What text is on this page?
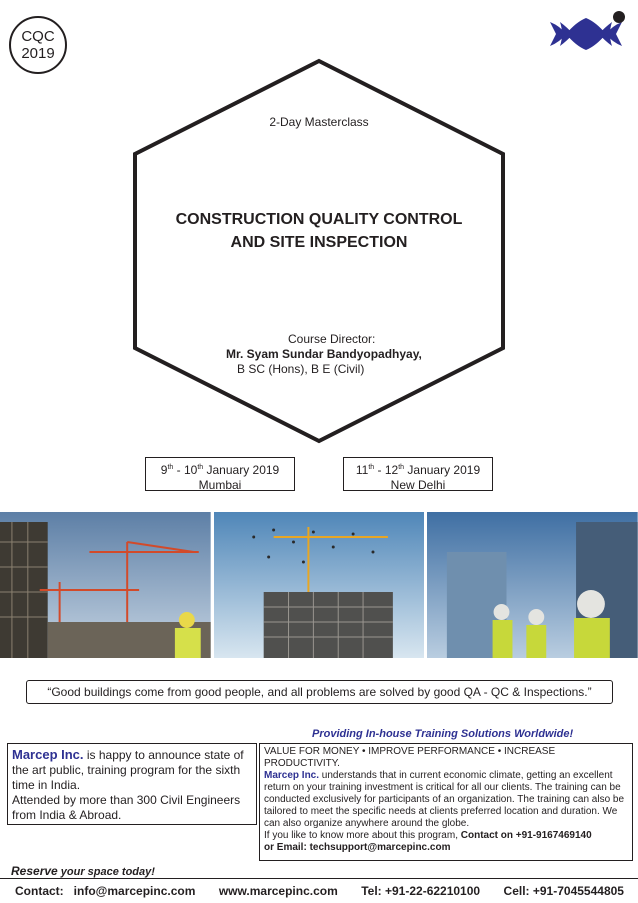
CQC
2019
2-Day Masterclass
CONSTRUCTION QUALITY CONTROL
AND SITE INSPECTION
Course Director:
Mr. Syam Sundar Bandyopadhyay,
B SC (Hons), B E (Civil)
9th - 10th January 2019
Mumbai
11th - 12th January 2019
New Delhi
“Good buildings come from good people, and all problems are solved by good QA - QC & Inspections.”
Providing In-house Training Solutions Worldwide!
Marcep Inc. is happy to announce state of the art public, training program for the sixth time in India.
Attended by more than 300 Civil Engineers from India & Abroad.
VALUE FOR MONEY • IMPROVE PERFORMANCE • INCREASE PRODUCTIVITY.
Marcep Inc. understands that in current economic climate, getting an excellent return on your training investment is critical for all our clients. The training can be conducted exclusively for participants of an organization. The training can also be tailored to meet the specific needs at clients preferred location and duration. We can also organize anywhere around the globe.
If you like to know more about this program, Contact on +91-9167469140
or Email: techsupport@marcepinc.com
Reserve your space today!
Contact: info@marcepinc.com www.marcepinc.com Tel: +91-22-62210100 Cell: +91-7045544805
